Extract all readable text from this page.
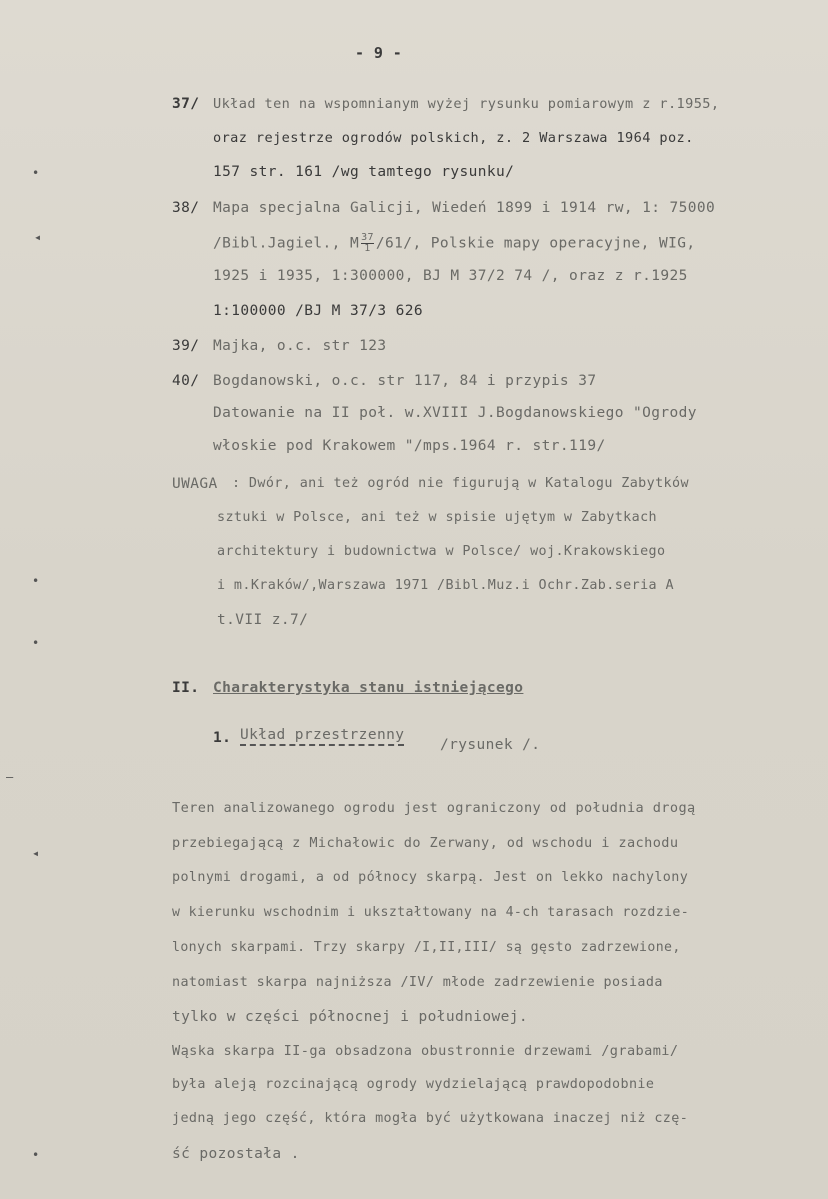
- 9 -
37/ Układ ten na wspomnianym wyżej rysunku pomiarowym z r.1955,
oraz rejestrze ogrodów polskich, z. 2 Warszawa 1964 poz.
157 str. 161 /wg tamtego rysunku/
38/ Mapa specjalna Galicji, Wiedeń 1899 i 1914 rw, 1: 75000
/Bibl.Jagiel., M $\frac{37}{1} /61/$, Polskie mapy operacyjne, WIG,
1925 i 1935, 1:300000, BJ M 37/2 74 /, oraz z r.1925
1:100000 /BJ M 37/3 626
39/ Majka, o.c. str 123
40/ Bogdanowski, o.c. str 117, 84 i przypis 37
Datowanie na II poł. w.XVIII J.Bogdanowskiego "Ogrody
włoskie pod Krakowem "/mps.1964 r. str.119/
UWAGA : Dwór, ani też ogród nie figurują w Katalogu Zabytków
sztuki w Polsce, ani też w spisie ujętym w Zabytkach
architektury i budownictwa w Polsce/ woj.Krakowskiego
i m.Kraków/,Warszawa 1971 /Bibl.Muz.i Ochr.Zab.seria A
t.VII z.7/
II. Charakterystyka stanu istniejącego
1. Układ przestrzenny
/rysunek /.
Teren analizowanego ogrodu jest ograniczony od południa drogą
przebiegającą z Michałowic do Zerwany, od wschodu i zachodu
polnymi drogami, a od północy skarpą. Jest on lekko nachylony
w kierunku wschodnim i ukształtowany na 4-ch tarasach rozdzie-
lonych skarpami. Trzy skarpy /I,II,III/ są gęsto zadrzewione,
natomiast skarpa najniższa /IV/ młode zadrzewienie posiada
tylko w części północnej i południowej.
Wąska skarpa II-ga obsadzona obustronnie drzewami /grabami/
była aleją rozcinającą ogrody wydzielającą prawdopodobnie
jedną jego część, która mogła być użytkowana inaczej niż czę-
ść pozostała .
•
◂
•
•
—
◂
•
